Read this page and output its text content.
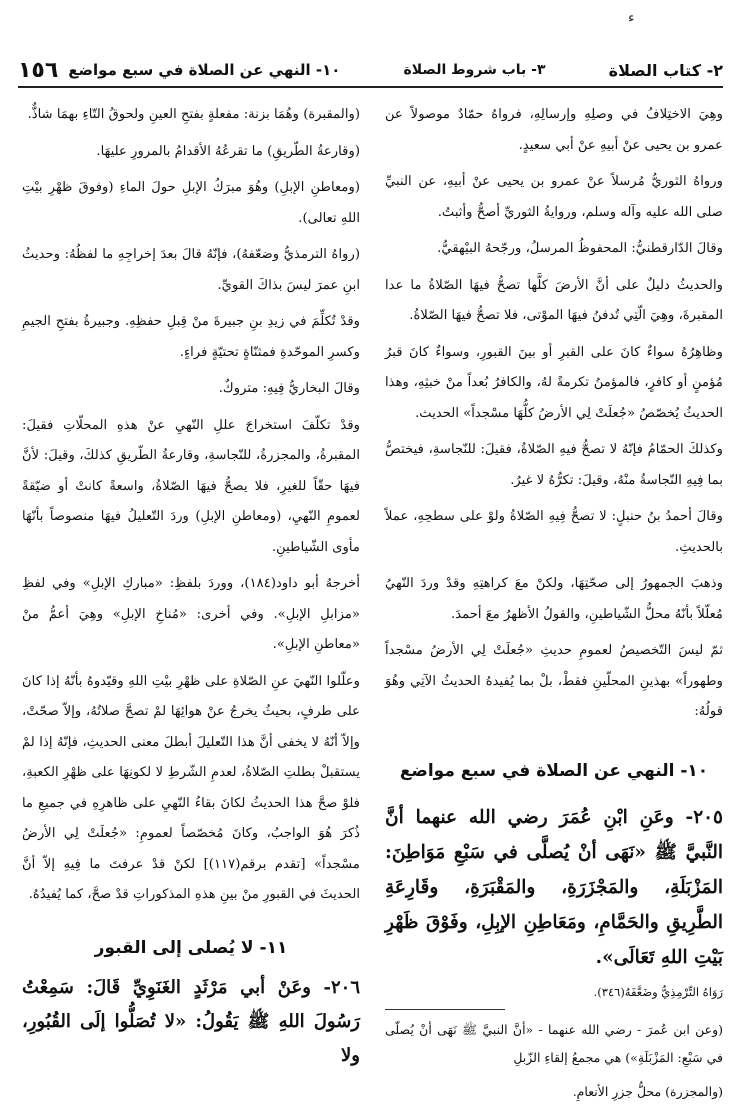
ء
٢- كتاب الصلاة
٣- باب شروط الصلاة
١٠- النهي عن الصلاة في سبع مواضع
١٥٦

وهِيَ الاختِلافُ في وصلِهِ وإرسالِهِ، فرواهُ حمّادٌ موصولاً عن عمرو بن يحيى عنْ أبيهِ عنْ أبي سعيدٍ.

ورواهُ الثوريُّ مُرسلاً عنْ عمرو بن يحيى عنْ أبيهِ، عن النبيِّ صلى الله عليه وآله وسلم، وروايةُ الثوريِّ أصحُّ وأثبتُ.

وقالَ الدّارقطنيُّ: المحفوظُ المرسلُ، ورجّحهُ البيْهقيُّ.

والحديثُ دليلٌ على أنَّ الأرضَ كلَّها تصحُّ فيهَا الصّلاةُ ما عدا المقبرةَ، وهِيَ الّتِي تُدفنُ فيهَا الموْتى، فلا تصحُّ فيهَا الصّلاةُ.

وظاهِرُهُ سواءٌ كانَ على القبرِ أو بينَ القبورِ، وسواءٌ كانَ قبرُ مُؤمنٍ أو كافرٍ، فالمؤمنُ تكرمةً لهُ، والكافرُ بُعداً منْ خبثِهِ، وهذا الحديثُ يُخصّصُ «جُعلَتْ لِي الأرضُ كلُّهَا مسْجداً» الحديث.

وكذلكَ الحمّامُ فإنّهُ لا تصحُّ فيهِ الصّلاةُ، فقيلَ: للنّجاسةِ، فيختصُّ بما فِيهِ النّجاسةُ منْهُ، وقيلَ: تكرُّهُ لا غيرُ.

وقالَ أحمدُ بنُ حنبلٍ: لا تصحُّ فِيهِ الصّلاةُ ولوْ على سطحِهِ، عملاً بالحديثِ.

وذهبَ الجمهورُ إلى صحّتِهَا، ولكنْ معَ كراهتِهِ وقدْ وردَ النّهيُ مُعلّلاً بأنّهُ محلُّ الشّياطينِ، والقولُ الأظهرُ معَ أحمدَ.

ثمّ ليسَ التّخصيصُ لعمومِ حديثِ «جُعلَتْ لِي الأرضُ مسْجداً وطهوراً» بهذينِ المحلّينِ فقطْ، بلْ بما يُفيدهُ الحديثُ الآتِي وهُوَ قولُهُ:

١٠- النهي عن الصلاة في سبع مواضع

٢٠٥- وعَنِ ابْنِ عُمَرَ رضي الله عنهما أنَّ النَّبيَّ ﷺ «نَهَى أنْ يُصلَّى في سَبْعِ مَوَاطِنَ: المَزْبَلَةِ، والمَجْزَرَةِ، والمَقْبَرَةِ، وقَارِعَةِ الطَّرِيقِ والحَمَّامِ، ومَعَاطِنِ الإبِلِ، وفَوْقَ ظَهْرِ بَيْتِ اللهِ تَعَالَى».

رَوَاهُ التِّرْمِذِيُّ وضَعَّفَهُ(٣٤٦).

(وعن ابن عُمرَ - رضي الله عنهما - «أنَّ النبيَّ ﷺ نَهَى أنْ يُصلّى في سَبْعِ: المَزْبَلَةِ») هي مجمعُ إلقاءِ الزّبلِ

(والمجزرة) محلُّ جزرِ الأنعامِ.

(والمقبرة) وهُمَا بزنة: مفعلةٍ بفتحِ العينِ ولحوقُ التّاءِ بهمَا شاذٌّ.

(وقارعةُ الطّريقِ) ما تقرعُهُ الأقدامُ بالمرورِ عليهَا.

(ومعاطنِ الإبلِ) وهُوَ مبرَكُ الإبلِ حولَ الماءِ (وفوقَ ظهْرِ بيْتِ اللهِ تعالى).

(رواهُ الترمذيُّ وضعّفهُ)، فإنّهُ قالَ بعدَ إخراجِهِ ما لفظُهُ: وحديثُ ابنِ عمرَ ليسَ بذاكَ القويِّ.

وقدْ تُكلِّمَ في زيدِ بنِ جبيرةَ منْ قِبلِ حفظِهِ. وجبيرةُ بفتحِ الجيمِ وكسرِ الموحّدةِ فمثنّاةٍ تحتيّةٍ فراءٍ.

وقالَ البخاريُّ فِيهِ: متروكٌ.

وقدْ تكلّفَ استخراجَ عللِ النّهيِ عنْ هذهِ المحلّاتِ فقيلَ: المقبرةُ، والمجزرةُ، للنّجاسةِ، وقارعةُ الطّريقِ كذلكَ، وقيلَ: لأنَّ فيهَا حقّاً للغيرِ، فلا يصحُّ فيهَا الصّلاةُ، واسعةً كانتْ أو ضيّقةً لعمومِ النّهيِ، (ومعاطنِ الإبلِ) وردَ التّعليلُ فيهَا منصوصاً بأنّهَا مأوى الشّياطينِ.

أخرجهُ أبو داود(١٨٤)، ووردَ بلفظِ: «مباركِ الإبلِ» وفي لفظِ «مزابلِ الإبلِ». وفي أخرى: «مُناخِ الإبلِ» وهِيَ أعمُّ منْ «معاطنِ الإبلِ».

وعلّلوا النّهيَ عنِ الصّلاةِ على ظهْرِ بيْتِ اللهِ وقيّدوهُ بأنّهُ إذا كانَ على طرفٍ، بحيثُ يخرجُ عنْ هوائِهَا لمْ تصحَّ صلاتُهُ، وإلاّ صحّتْ، وإلاّ أنّهُ لا يخفى أنَّ هذا التّعليلَ أبطلَ معنى الحديثِ، فإنّهُ إذا لمْ يستقبلْ بطلتِ الصّلاةُ، لعدمِ الشّرطِ لا لكونِهَا على ظهْرِ الكعبةِ، فلوْ صحَّ هذا الحديثُ لكانَ بقاءُ النّهيِ على ظاهرِهِ في جميعِ ما ذُكرَ هُوَ الواجبُ، وكانَ مُخصّصاً لعمومِ: «جُعلَتْ لِي الأرضُ مسْجداً» [تقدم برقم(١١٧)] لكنْ قدْ عرفتَ ما فِيهِ إلاّ أنَّ الحديثَ في القبورِ منْ بينِ هذهِ المذكوراتِ قدْ صحَّ، كما يُفيدُهُ.

١١- لا يُصلى إلى القبور

٢٠٦- وعَنْ أبي مَرْثَدٍ الغَنَوِيِّ قَالَ: سَمِعْتُ رَسُولَ اللهِ ﷺ يَقُولُ: «لا تُصَلُّوا إلَى القُبُورِ، ولا
